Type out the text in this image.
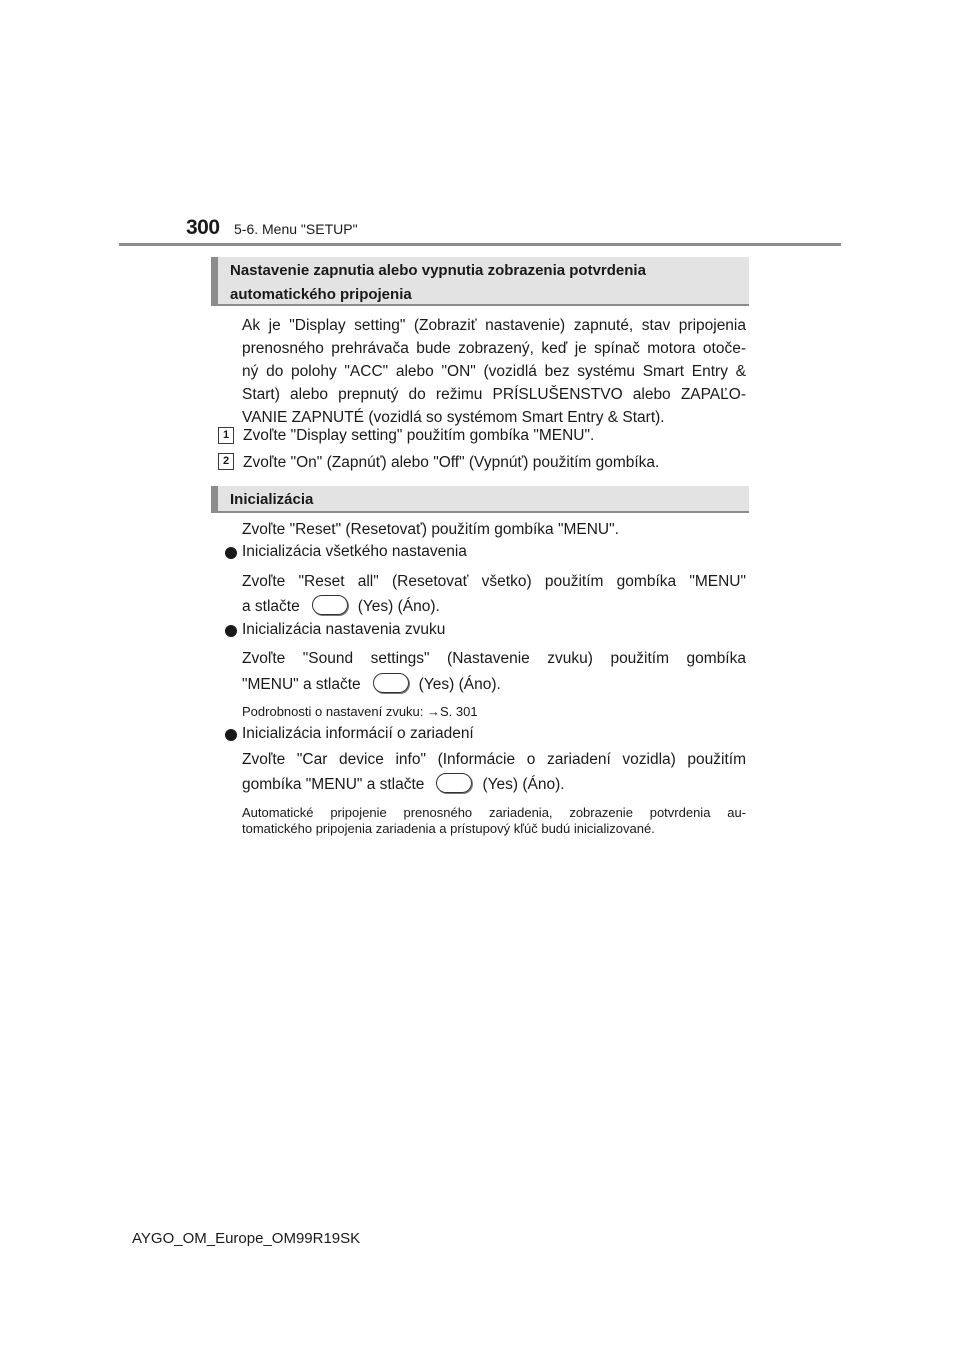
300 5-6. Menu "SETUP"
Nastavenie zapnutia alebo vypnutia zobrazenia potvrdenia
automatického pripojenia
Ak je "Display setting" (Zobraziť nastavenie) zapnuté, stav pripojenia
prenosného prehrávača bude zobrazený, keď je spínač motora otoče-
ný do polohy "ACC" alebo "ON" (vozidlá bez systému Smart Entry &
Start) alebo prepnutý do režimu PRÍSLUŠENSTVO alebo ZAPAĽO-
VANIE ZAPNUTÉ (vozidlá so systémom Smart Entry & Start).
1 Zvoľte "Display setting" použitím gombíka "MENU".
2 Zvoľte "On" (Zapnúť) alebo "Off" (Vypnúť) použitím gombíka.
Inicializácia
Zvoľte "Reset" (Resetovať) použitím gombíka "MENU".
Inicializácia všetkého nastavenia
Zvoľte "Reset all" (Resetovať všetko) použitím gombíka "MENU"
a stlačte	(Yes) (Áno).
Inicializácia nastavenia zvuku
Zvoľte "Sound settings" (Nastavenie zvuku) použitím gombíka
"MENU" a stlačte	(Yes) (Áno).
Podrobnosti o nastavení zvuku: →S. 301
Inicializácia informácií o zariadení
Zvoľte "Car device info" (Informácie o zariadení vozidla) použitím
gombíka "MENU" a stlačte	(Yes) (Áno).
Automatické pripojenie prenosného zariadenia, zobrazenie potvrdenia au-
tomatického pripojenia zariadenia a prístupový kľúč budú inicializované.
AYGO_OM_Europe_OM99R19SK
